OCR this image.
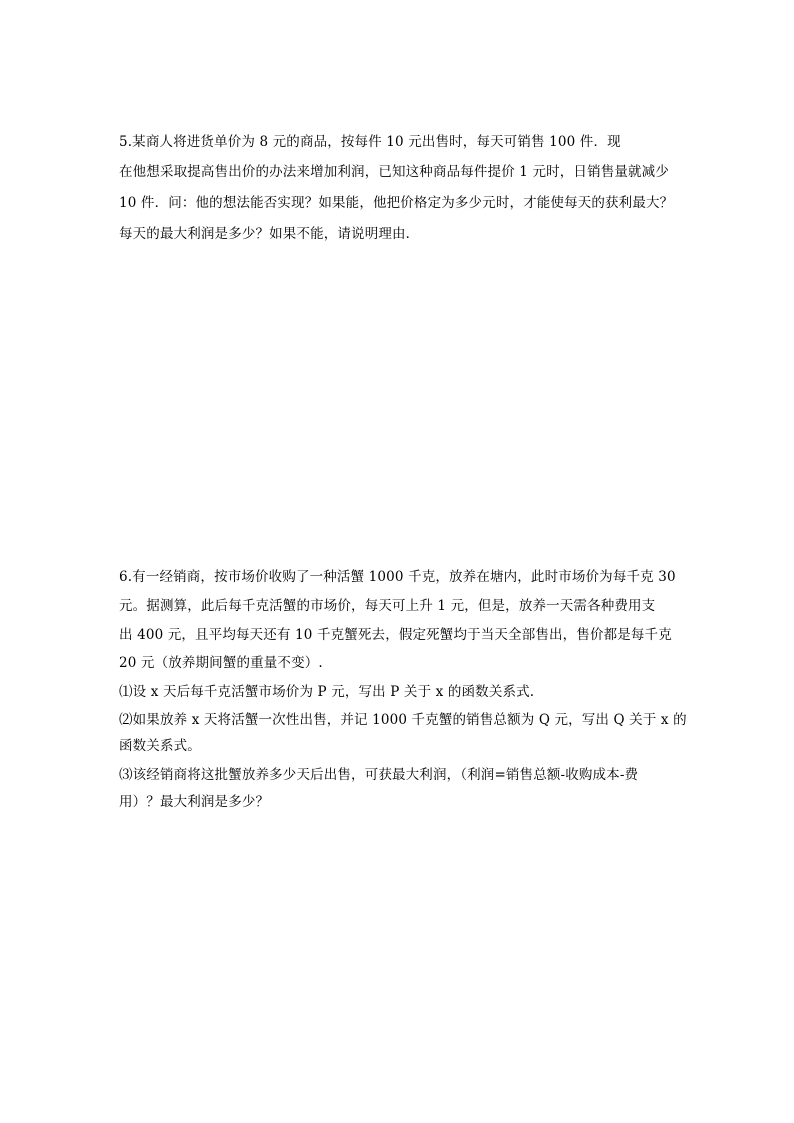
5.某商人将进货单价为 8 元的商品，按每件 10 元出售时，每天可销售 100 件．现
在他想采取提高售出价的办法来增加利润，已知这种商品每件提价 1 元时，日销售量就减少
10 件．问：他的想法能否实现？如果能，他把价格定为多少元时，才能使每天的获利最大？
每天的最大利润是多少？如果不能，请说明理由．
6.有一经销商，按市场价收购了一种活蟹 1000 千克，放养在塘内，此时市场价为每千克 30
元。据测算，此后每千克活蟹的市场价，每天可上升 1 元，但是，放养一天需各种费用支
出 400 元，且平均每天还有 10 千克蟹死去，假定死蟹均于当天全部售出，售价都是每千克
20 元（放养期间蟹的重量不变）.
⑴设 x 天后每千克活蟹市场价为 P 元，写出 P 关于 x 的函数关系式.
⑵如果放养 x 天将活蟹一次性出售，并记 1000 千克蟹的销售总额为 Q 元，写出 Q 关于 x 的
函数关系式。
⑶该经销商将这批蟹放养多少天后出售，可获最大利润，（利润=销售总额-收购成本-费
用）？最大利润是多少？
